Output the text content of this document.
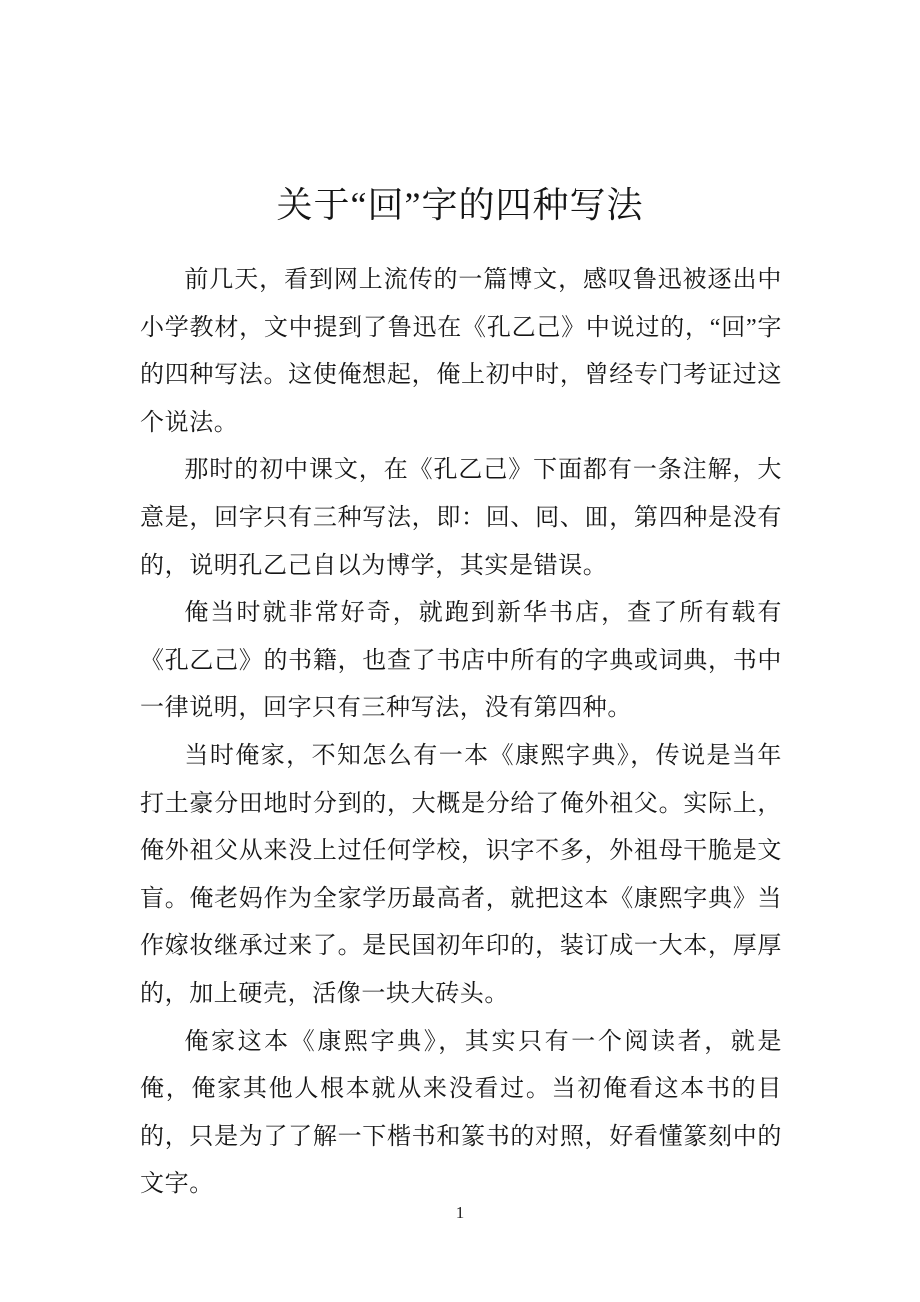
关于“回”字的四种写法

前几天，看到网上流传的一篇博文，感叹鲁迅被逐出中小学教材，文中提到了鲁迅在《孔乙己》中说过的，“回”字的四种写法。这使俺想起，俺上初中时，曾经专门考证过这个说法。

那时的初中课文，在《孔乙己》下面都有一条注解，大意是，回字只有三种写法，即：回、囘、囬，第四种是没有的，说明孔乙己自以为博学，其实是错误。

俺当时就非常好奇，就跑到新华书店，查了所有载有《孔乙己》的书籍，也查了书店中所有的字典或词典，书中一律说明，回字只有三种写法，没有第四种。

当时俺家，不知怎么有一本《康熙字典》，传说是当年打土豪分田地时分到的，大概是分给了俺外祖父。实际上，俺外祖父从来没上过任何学校，识字不多，外祖母干脆是文盲。俺老妈作为全家学历最高者，就把这本《康熙字典》当作嫁妆继承过来了。是民国初年印的，装订成一大本，厚厚的，加上硬壳，活像一块大砖头。

俺家这本《康熙字典》，其实只有一个阅读者，就是俺，俺家其他人根本就从来没看过。当初俺看这本书的目的，只是为了了解一下楷书和篆书的对照，好看懂篆刻中的文字。

1
